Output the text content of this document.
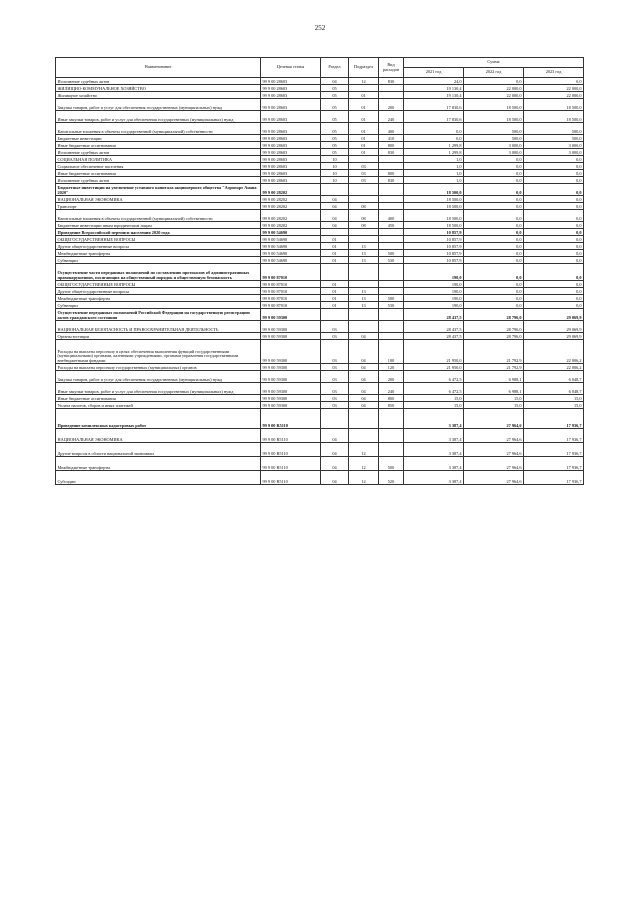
252
Наименование	Целевая статья	Раздел	Подраздел	Вид расходов	Сумма		
					2021 год	2022 год	2023 год
Исполнение судебных актов	99 9 00 28603	04	12	830	24,0	0,0	0,0
ЖИЛИЩНО-КОММУНАЛЬНОЕ ХОЗЯЙСТВО	99 9 00 28603	05			19 130,4	22 000,0	22 000,0
Жилищное хозяйство	99 9 00 28603	05	01		19 130,4	22 000,0	22 000,0
Закупка товаров, работ и услуг для обеспечения государственных (муниципальных) нужд	99 9 00 28603	05	01	200	17 830,6	18 500,0	18 500,0
Иные закупки товаров, работ и услуг для обеспечения государственных (муниципальных) нужд	99 9 00 28603	05	01	240	17 830,6	18 500,0	18 500,0
Капитальные вложения в объекты государственной (муниципальной) собственности	99 9 00 28603	05	01	400	0,0	500,0	500,0
Бюджетные инвестиции	99 9 00 28603	05	01	410	0,0	500,0	500,0
Иные бюджетные ассигнования	99 9 00 28603	05	01	800	1 299,8	3 000,0	3 000,0
Исполнение судебных актов	99 9 00 28603	05	01	830	1 299,8	3 000,0	3 000,0
СОЦИАЛЬНАЯ ПОЛИТИКА	99 9 00 28603	10			1,0	0,0	0,0
Социальное обеспечение населения	99 9 00 28603	10	03		1,0	0,0	0,0
Иные бюджетные ассигнования	99 9 00 28603	10	03	800	1,0	0,0	0,0
Исполнение судебных актов	99 9 00 28603	10	03	830	1,0	0,0	0,0
Бюджетные инвестиции на увеличение уставного капитала акционерного общества "Аэропорт Анапа 2020"	99 9 00 28202				18 500,0	0,0	0,0
НАЦИОНАЛЬНАЯ ЭКОНОМИКА	99 9 00 28202	04			18 500,0	0,0	0,0
Транспорт	99 9 00 28202	04	08		18 500,0	0,0	0,0
Капитальные вложения в объекты государственной (муниципальной) собственности	99 9 00 28202	04	08	400	18 500,0	0,0	0,0
Бюджетные инвестиции иным юридическим лицам	99 9 00 28202	04	08	450	18 500,0	0,0	0,0
Проведение Всероссийской переписи населения 2020 года	99 9 00 54690				10 857,9	0,0	0,0
ОБЩЕГОСУДАРСТВЕННЫЕ ВОПРОСЫ	99 9 00 54690	01			10 857,9	0,0	0,0
Другие общегосударственные вопросы	99 9 00 54690	01	13		10 857,9	0,0	0,0
Межбюджетные трансферты	99 9 00 54690	01	13	500	10 857,9	0,0	0,0
Субвенции	99 9 00 54690	01	13	530	10 857,9	0,0	0,0
Осуществление части переданных полномочий по составлению протоколов об административных правонарушениях, посягающих на общественный порядок и общественную безопасность	99 9 00 87010				190,0	0,0	0,0
ОБЩЕГОСУДАРСТВЕННЫЕ ВОПРОСЫ	99 9 00 87010	01			190,0	0,0	0,0
Другие общегосударственные вопросы	99 9 00 87010	01	13		190,0	0,0	0,0
Межбюджетные трансферты	99 9 00 87010	01	13	500	190,0	0,0	0,0
Субвенции	99 9 00 87010	01	13	530	190,0	0,0	0,0
Осуществление переданных полномочий Российской Федерации на государственную регистрацию актов гражданского состояния	99 9 00 59300				28 437,5	28 796,0	29 069,9
НАЦИОНАЛЬНАЯ БЕЗОПАСНОСТЬ И ПРАВООХРАНИТЕЛЬНАЯ ДЕЯТЕЛЬНОСТЬ	99 9 00 59300	03			28 437,5	28 796,0	29 069,9
Органы юстиции	99 9 00 59300	03	04		28 437,5	28 796,0	29 069,9
Расходы на выплаты персоналу в целях обеспечения выполнения функций государственными (муниципальными) органами, казенными учреждениями, органами управления государственными внебюджетными фондами	99 9 00 59300	03	04	100	21 950,0	21 792,9	22 006,2
Расходы на выплаты персоналу государственных (муниципальных) органов	99 9 00 59300	03	04	120	21 950,0	21 792,9	22 006,2
Закупка товаров, работ и услуг для обеспечения государственных (муниципальных) нужд	99 9 00 59300	03	04	200	6 472,5	6 988,1	6 048,7
Иные закупки товаров, работ и услуг для обеспечения государственных (муниципальных) нужд	99 9 00 59300	03	04	240	6 472,5	6 988,1	6 048,7
Иные бюджетные ассигнования	99 9 00 59300	03	04	800	15,0	15,0	15,0
Уплата налогов, сборов и иных платежей	99 9 00 59300	03	04	850	15,0	15,0	15,0
Проведение комплексных кадастровых работ	99 9 00 R5110				3 387,4	27 964,6	17 936,7
НАЦИОНАЛЬНАЯ ЭКОНОМИКА	99 9 00 R5110	04			3 387,4	27 964,6	17 936,7
Другие вопросы в области национальной экономики	99 9 00 R5110	04	12		3 387,4	27 964,6	17 936,7
Межбюджетные трансферты	99 9 00 R5110	04	12	500	3 387,4	27 964,6	17 936,7
Субсидии	99 9 00 R5110	04	12	520	3 387,4	27 964,6	17 936,7
